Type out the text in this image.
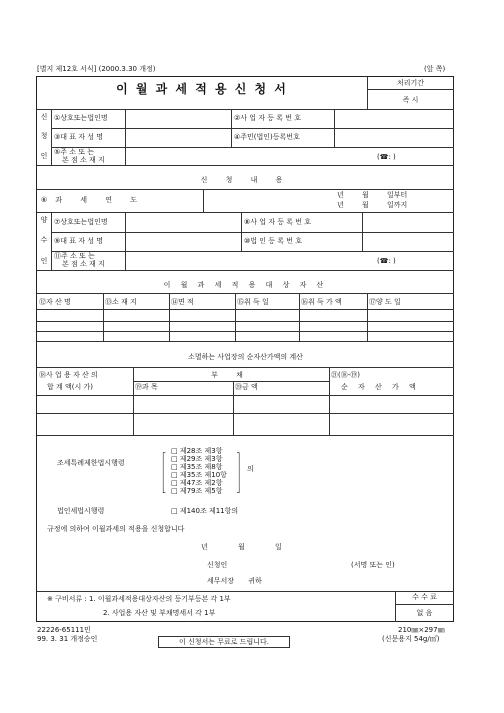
[별지 제12호 서식] (2000.3.30 개정)	(앞 쪽)
이 월 과 세 적 용 신 청 서	처리기간
즉 시
신
청
인
①상호또는법인명	②사 업 자 등 록 번 호
③대 표 자 성 명	④주민(법인)등록번호
⑤주 소 또 는
본 점 소 재 지	(☎: )
신 청 내 용
⑥과 세 연 도
년 월 일부터
년 월 일까지
양
수
인
⑦상호또는법인명	⑧사 업 자 등 록 번 호
⑨대 표 자 성 명	⑩법 인 등 록 번 호
⑪주 소 또 는
본 점 소 재 지	(☎: )
이 월 과 세 적 용 대 상 자 산
⑫자 산 명	⑬소 재 지	⑭면 적	⑮취 득 일	⑯취 득 가 액	⑰양 도 일
소멸하는 사업장의 순자산가액의 계산
⑱사 업 용 자 산 의
합 계 액(시 가)
부 채
⑲과 목	⑳금 액
㉑(⑱-⑲)
순 자 산 가 액
조세특례제한법시행령
┌
│
│
│
│
└
□ 제28조 제3항
□ 제29조 제3항
□ 제35조 제8항
□ 제35조 제10항
□ 제47조 제2항
□ 제79조 제5항
┐
│
│
│
│
┘
의
법인세법시행령	□ 제140조 제11항의
규정에 의하여 이월과세의 적용을 신청합니다
년 월 일
신청인	(서명 또는 인)
세무서장 귀하
※ 구비서류 : 1. 이월과세적용대상자산의 등기부등본 각 1부
2. 사업용 자산 및 부채명세서 각 1부
수 수 료
없 음
22226-65111민
99. 3. 31 개정승인	이 신청서는 무료로 드립니다.
210㎜×297㎜
(신문용지 54g/㎡)
